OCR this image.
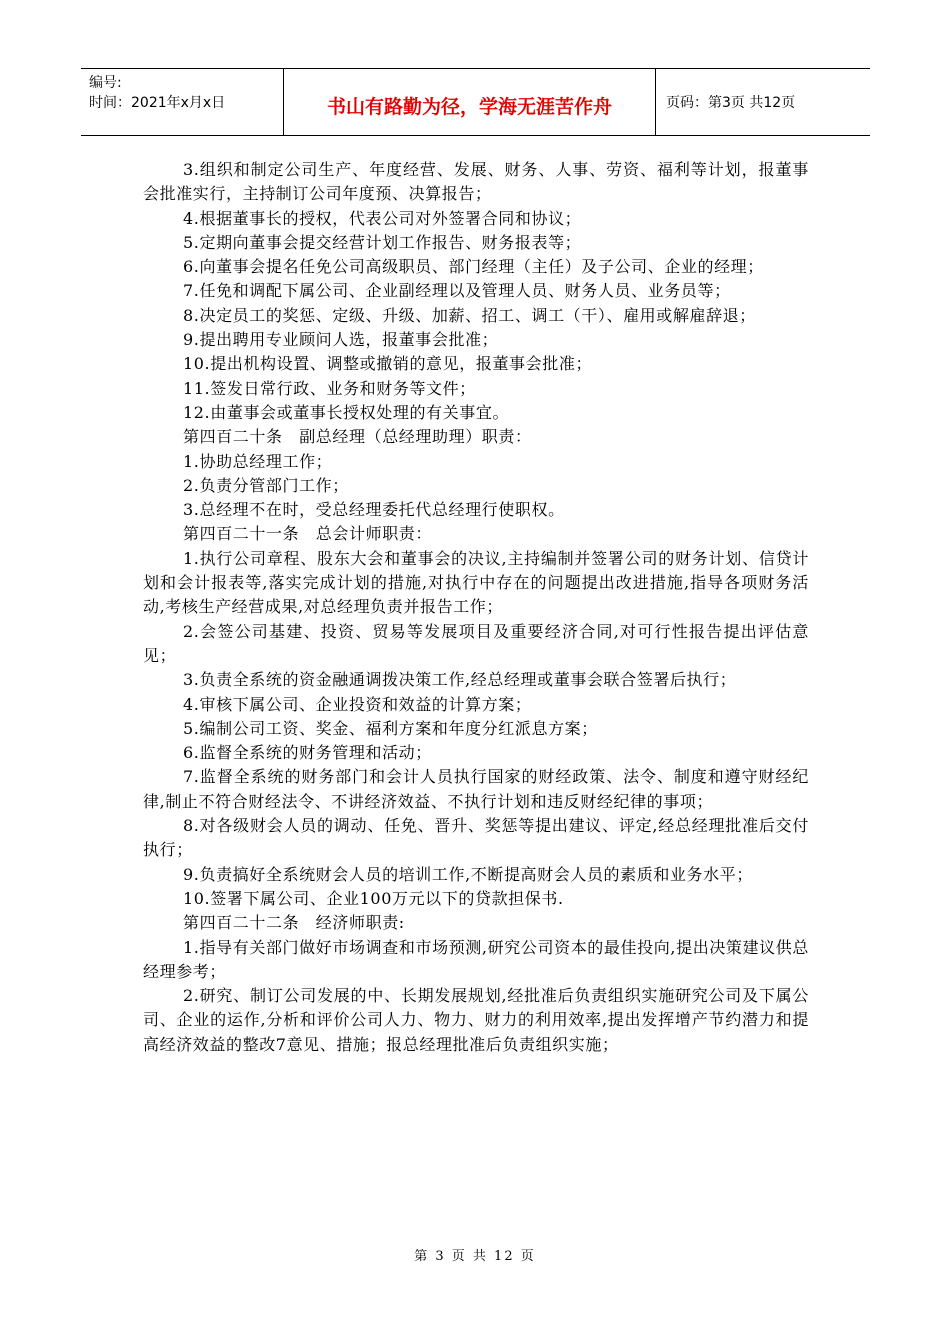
编号:
时间：2021年x月x日	书山有路勤为径，学海无涯苦作舟	页码：第3页 共12页

3.组织和制定公司生产、年度经营、发展、财务、人事、劳资、福利等计划，报董事会批准实行，主持制订公司年度预、决算报告；

4.根据董事长的授权，代表公司对外签署合同和协议；

5.定期向董事会提交经营计划工作报告、财务报表等；

6.向董事会提名任免公司高级职员、部门经理（主任）及子公司、企业的经理；

7.任免和调配下属公司、企业副经理以及管理人员、财务人员、业务员等；

8.决定员工的奖惩、定级、升级、加薪、招工、调工（干）、雇用或解雇辞退；

9.提出聘用专业顾问人选，报董事会批准；

10.提出机构设置、调整或撤销的意见，报董事会批准；

11.签发日常行政、业务和财务等文件；

12.由董事会或董事长授权处理的有关事宜。

第四百二十条　副总经理（总经理助理）职责：

1.协助总经理工作；

2.负责分管部门工作；

3.总经理不在时，受总经理委托代总经理行使职权。

第四百二十一条　总会计师职责：

1.执行公司章程、股东大会和董事会的决议,主持编制并签署公司的财务计划、信贷计划和会计报表等,落实完成计划的措施,对执行中存在的问题提出改进措施,指导各项财务活动,考核生产经营成果,对总经理负责并报告工作；

2.会签公司基建、投资、贸易等发展项目及重要经济合同,对可行性报告提出评估意见；

3.负责全系统的资金融通调拨决策工作,经总经理或董事会联合签署后执行；

4.审核下属公司、企业投资和效益的计算方案；

5.编制公司工资、奖金、福利方案和年度分红派息方案；

6.监督全系统的财务管理和活动；

7.监督全系统的财务部门和会计人员执行国家的财经政策、法令、制度和遵守财经纪律,制止不符合财经法令、不讲经济效益、不执行计划和违反财经纪律的事项；

8.对各级财会人员的调动、任免、晋升、奖惩等提出建议、评定,经总经理批准后交付执行；

9.负责搞好全系统财会人员的培训工作,不断提高财会人员的素质和业务水平；

10.签署下属公司、企业100万元以下的贷款担保书.

第四百二十二条　经济师职责:

1.指导有关部门做好市场调查和市场预测,研究公司资本的最佳投向,提出决策建议供总经理参考；

2.研究、制订公司发展的中、长期发展规划,经批准后负责组织实施研究公司及下属公司、企业的运作,分析和评价公司人力、物力、财力的利用效率,提出发挥增产节约潜力和提高经济效益的整改7意见、措施；报总经理批准后负责组织实施；

第 3 页 共 12 页
